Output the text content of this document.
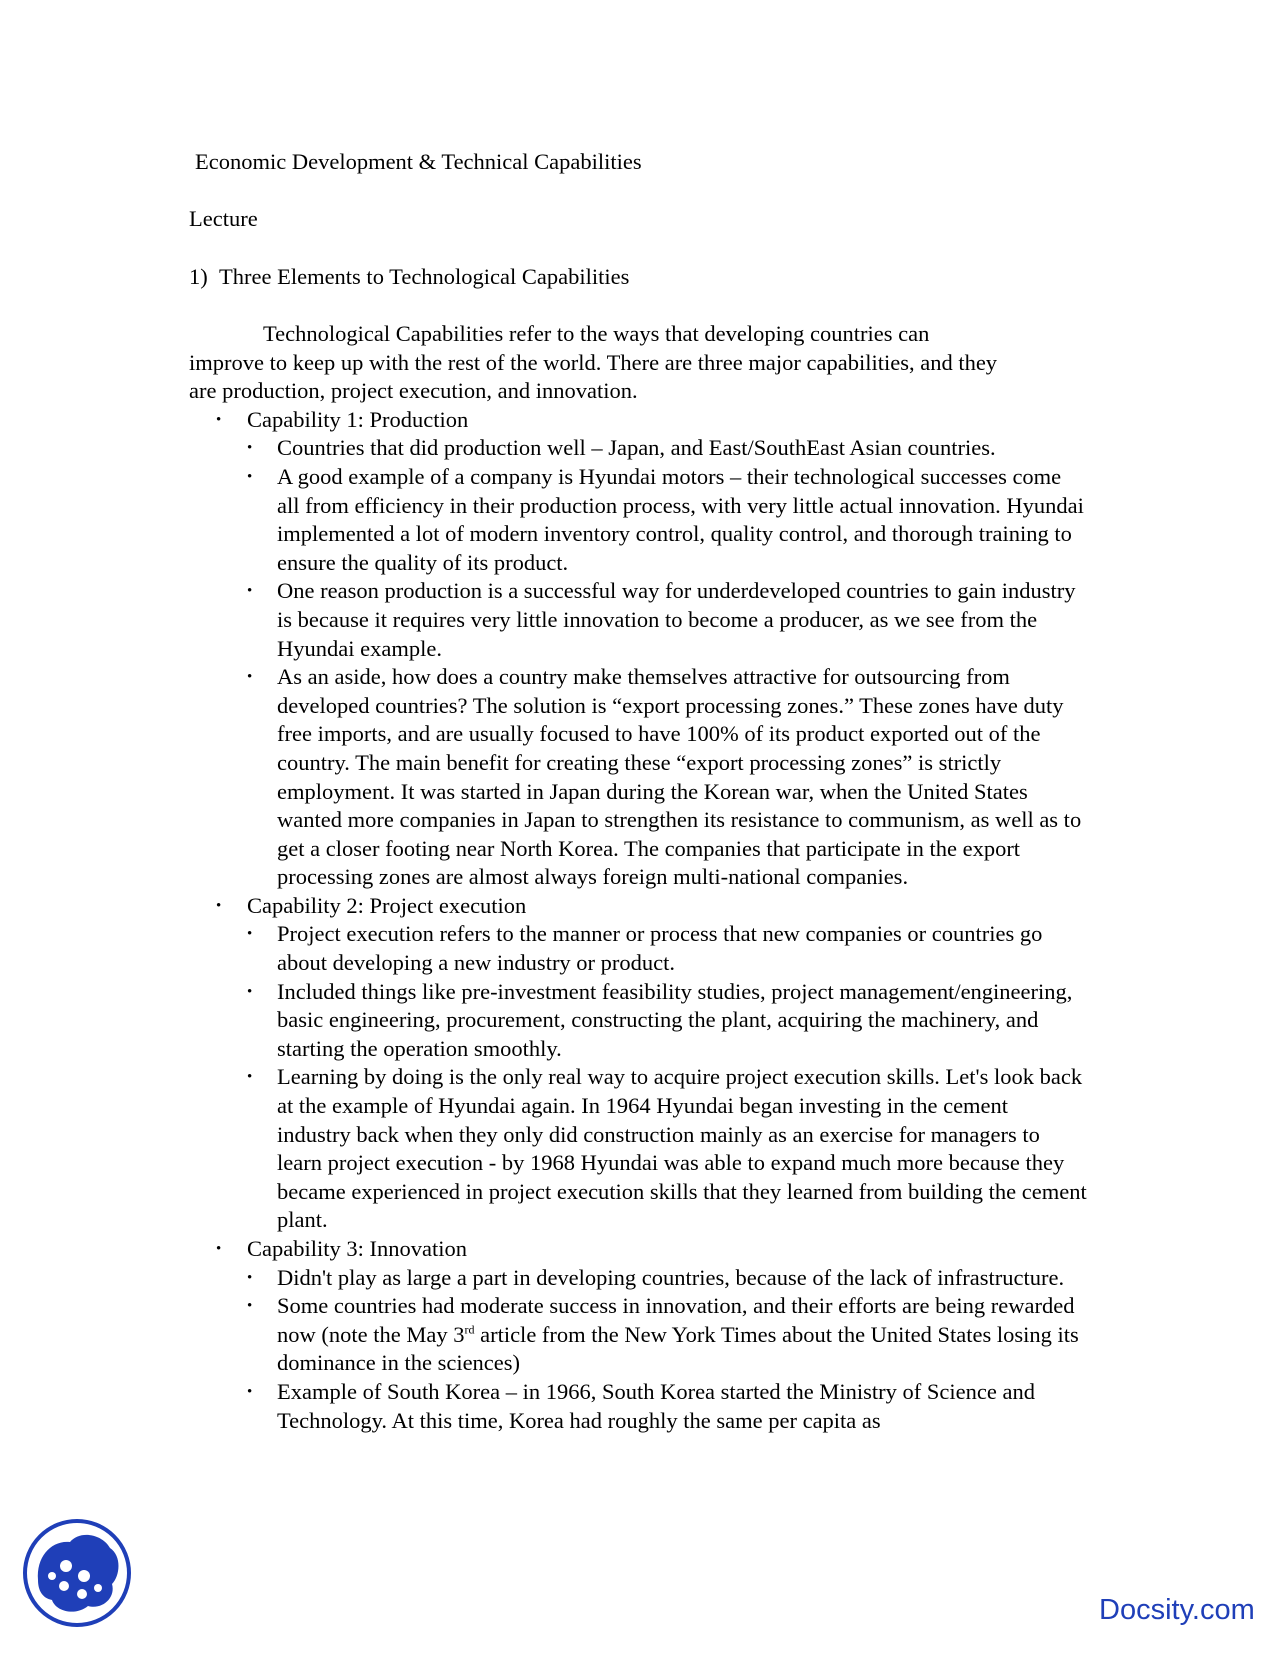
Economic Development & Technical Capabilities
Lecture
1) Three Elements to Technological Capabilities

Technological Capabilities refer to the ways that developing countries can improve to keep up with the rest of the world. There are three major capabilities, and they are production, project execution, and innovation.

• Capability 1: Production
• Countries that did production well – Japan, and East/SouthEast Asian countries.
• A good example of a company is Hyundai motors – their technological successes come all from efficiency in their production process, with very little actual innovation. Hyundai implemented a lot of modern inventory control, quality control, and thorough training to ensure the quality of its product.
• One reason production is a successful way for underdeveloped countries to gain industry is because it requires very little innovation to become a producer, as we see from the Hyundai example.
• As an aside, how does a country make themselves attractive for outsourcing from developed countries? The solution is “export processing zones.” These zones have duty free imports, and are usually focused to have 100% of its product exported out of the country. The main benefit for creating these “export processing zones” is strictly employment. It was started in Japan during the Korean war, when the United States wanted more companies in Japan to strengthen its resistance to communism, as well as to get a closer footing near North Korea. The companies that participate in the export processing zones are almost always foreign multi-national companies.
• Capability 2: Project execution
• Project execution refers to the manner or process that new companies or countries go about developing a new industry or product.
• Included things like pre-investment feasibility studies, project management/engineering, basic engineering, procurement, constructing the plant, acquiring the machinery, and starting the operation smoothly.
• Learning by doing is the only real way to acquire project execution skills. Let's look back at the example of Hyundai again. In 1964 Hyundai began investing in the cement industry back when they only did construction mainly as an exercise for managers to learn project execution - by 1968 Hyundai was able to expand much more because they became experienced in project execution skills that they learned from building the cement plant.
• Capability 3: Innovation
• Didn't play as large a part in developing countries, because of the lack of infrastructure.
• Some countries had moderate success in innovation, and their efforts are being rewarded now (note the May 3rd article from the New York Times about the United States losing its dominance in the sciences)
• Example of South Korea – in 1966, South Korea started the Ministry of Science and Technology. At this time, Korea had roughly the same per capita as
Docsity.com
